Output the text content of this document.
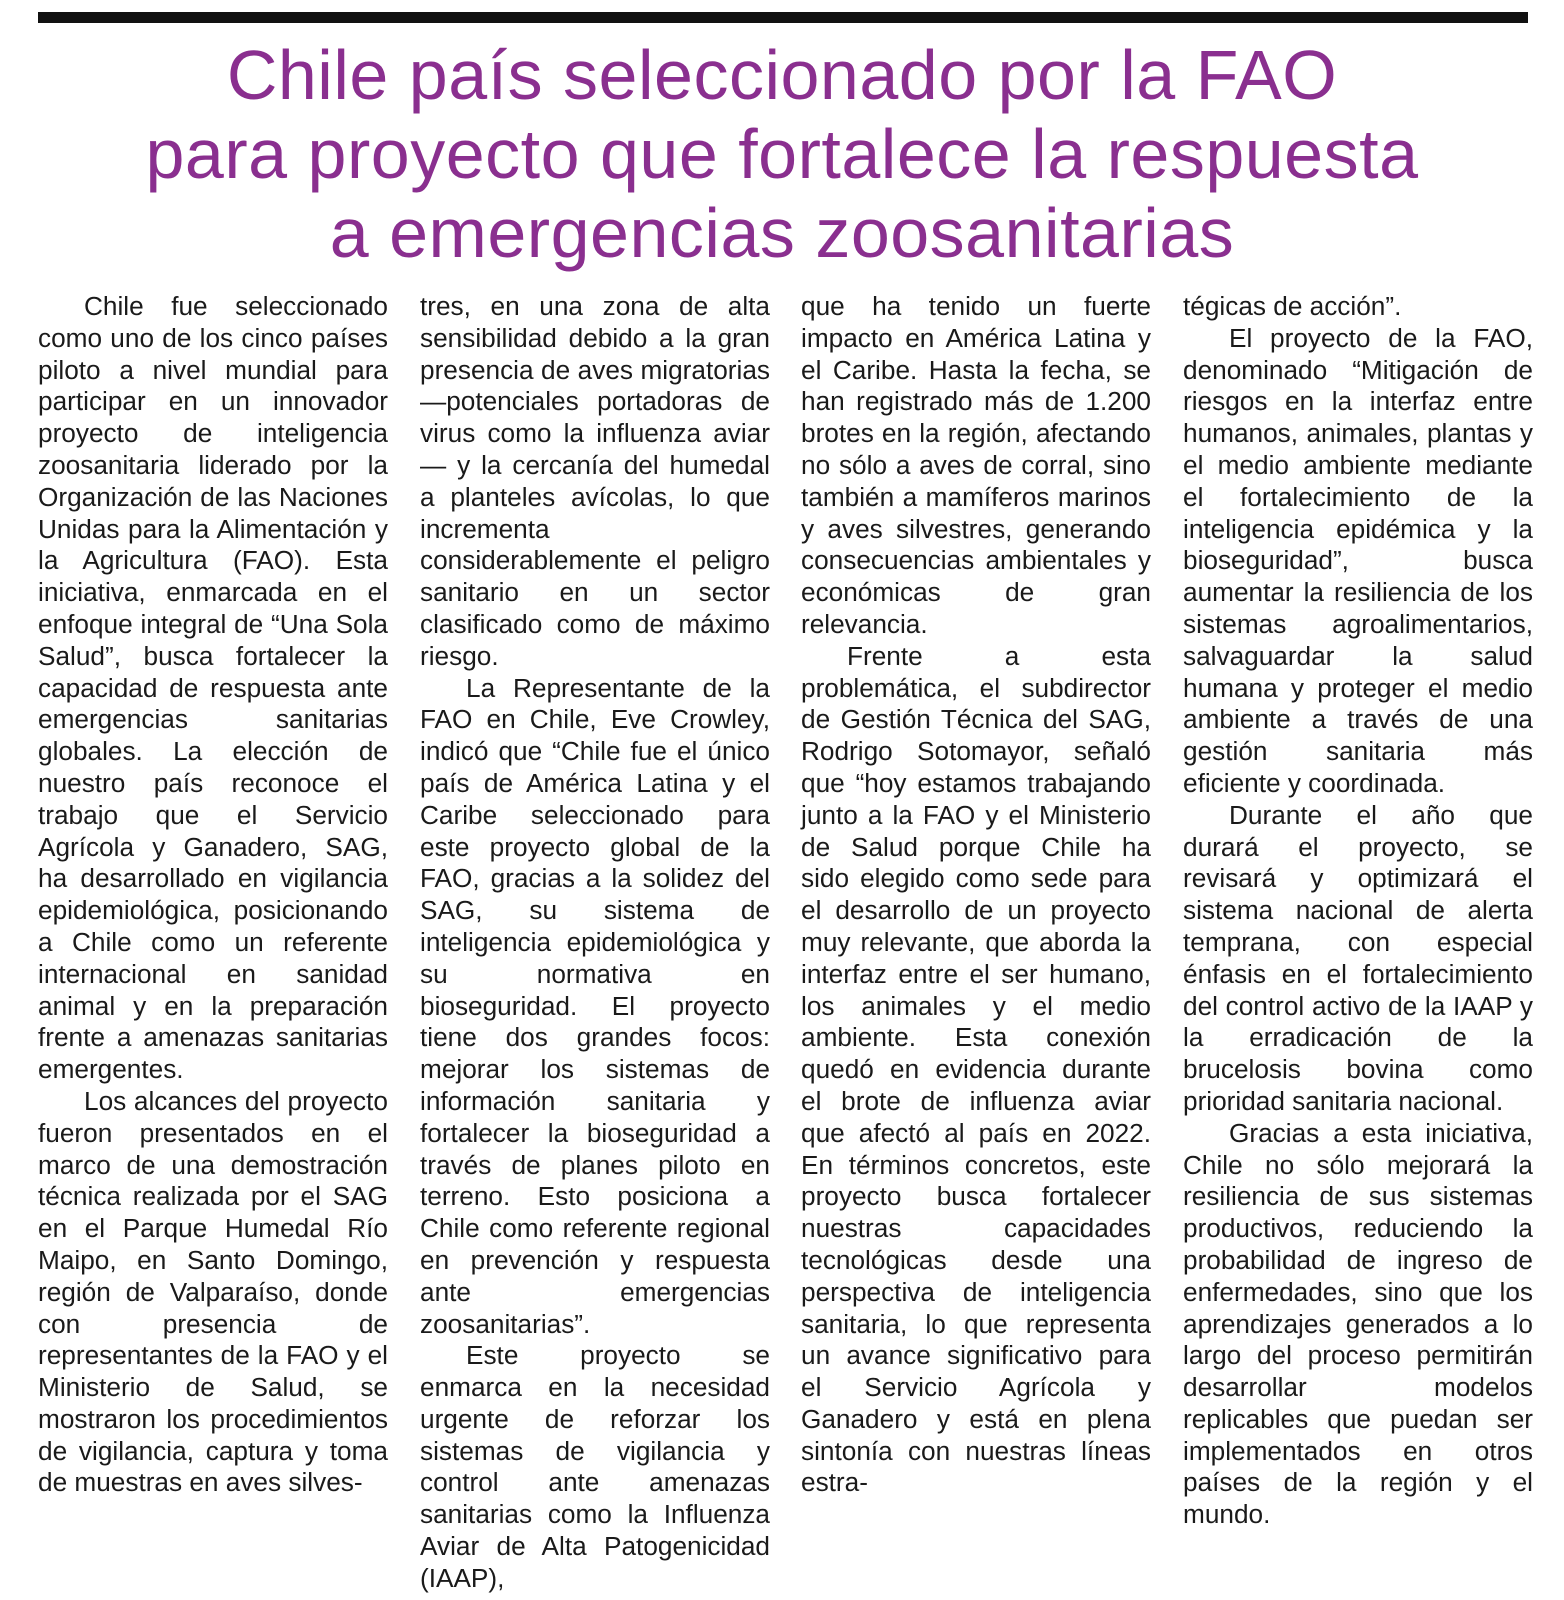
Chile país seleccionado por la FAO
para proyecto que fortalece la respuesta
a emergencias zoosanitarias

Chile fue seleccionado como uno de los cinco países piloto a nivel mundial para participar en un innovador proyecto de inteligencia zoosanitaria liderado por la Organización de las Naciones Unidas para la Alimentación y la Agricultura (FAO). Esta iniciativa, enmarcada en el enfoque integral de “Una Sola Salud”, busca fortalecer la capacidad de respuesta ante emergencias sanitarias globales. La elección de nuestro país reconoce el trabajo que el Servicio Agrícola y Ganadero, SAG, ha desarrollado en vigilancia epidemiológica, posicionando a Chile como un referente internacional en sanidad animal y en la preparación frente a amenazas sanitarias emergentes.

Los alcances del proyecto fueron presentados en el marco de una demostración técnica realizada por el SAG en el Parque Humedal Río Maipo, en Santo Domingo, región de Valparaíso, donde con presencia de representantes de la FAO y el Ministerio de Salud, se mostraron los procedimientos de vigilancia, captura y toma de muestras en aves silves-

tres, en una zona de alta sensibilidad debido a la gran presencia de aves migratorias —potenciales portadoras de virus como la influenza aviar— y la cercanía del humedal a planteles avícolas, lo que incrementa considerablemente el peligro sanitario en un sector clasificado como de máximo riesgo.

La Representante de la FAO en Chile, Eve Crowley, indicó que “Chile fue el único país de América Latina y el Caribe seleccionado para este proyecto global de la FAO, gracias a la solidez del SAG, su sistema de inteligencia epidemiológica y su normativa en bioseguridad. El proyecto tiene dos grandes focos: mejorar los sistemas de información sanitaria y fortalecer la bioseguridad a través de planes piloto en terreno. Esto posiciona a Chile como referente regional en prevención y respuesta ante emergencias zoosanitarias”.

Este proyecto se enmarca en la necesidad urgente de reforzar los sistemas de vigilancia y control ante amenazas sanitarias como la Influenza Aviar de Alta Patogenicidad (IAAP),

que ha tenido un fuerte impacto en América Latina y el Caribe. Hasta la fecha, se han registrado más de 1.200 brotes en la región, afectando no sólo a aves de corral, sino también a mamíferos marinos y aves silvestres, generando consecuencias ambientales y económicas de gran relevancia.

Frente a esta problemática, el subdirector de Gestión Técnica del SAG, Rodrigo Sotomayor, señaló que “hoy estamos trabajando junto a la FAO y el Ministerio de Salud porque Chile ha sido elegido como sede para el desarrollo de un proyecto muy relevante, que aborda la interfaz entre el ser humano, los animales y el medio ambiente. Esta conexión quedó en evidencia durante el brote de influenza aviar que afectó al país en 2022. En términos concretos, este proyecto busca fortalecer nuestras capacidades tecnológicas desde una perspectiva de inteligencia sanitaria, lo que representa un avance significativo para el Servicio Agrícola y Ganadero y está en plena sintonía con nuestras líneas estra-

tégicas de acción”.

El proyecto de la FAO, denominado “Mitigación de riesgos en la interfaz entre humanos, animales, plantas y el medio ambiente mediante el fortalecimiento de la inteligencia epidémica y la bioseguridad”, busca aumentar la resiliencia de los sistemas agroalimentarios, salvaguardar la salud humana y proteger el medio ambiente a través de una gestión sanitaria más eficiente y coordinada.

Durante el año que durará el proyecto, se revisará y optimizará el sistema nacional de alerta temprana, con especial énfasis en el fortalecimiento del control activo de la IAAP y la erradicación de la brucelosis bovina como prioridad sanitaria nacional.

Gracias a esta iniciativa, Chile no sólo mejorará la resiliencia de sus sistemas productivos, reduciendo la probabilidad de ingreso de enfermedades, sino que los aprendizajes generados a lo largo del proceso permitirán desarrollar modelos replicables que puedan ser implementados en otros países de la región y el mundo.
